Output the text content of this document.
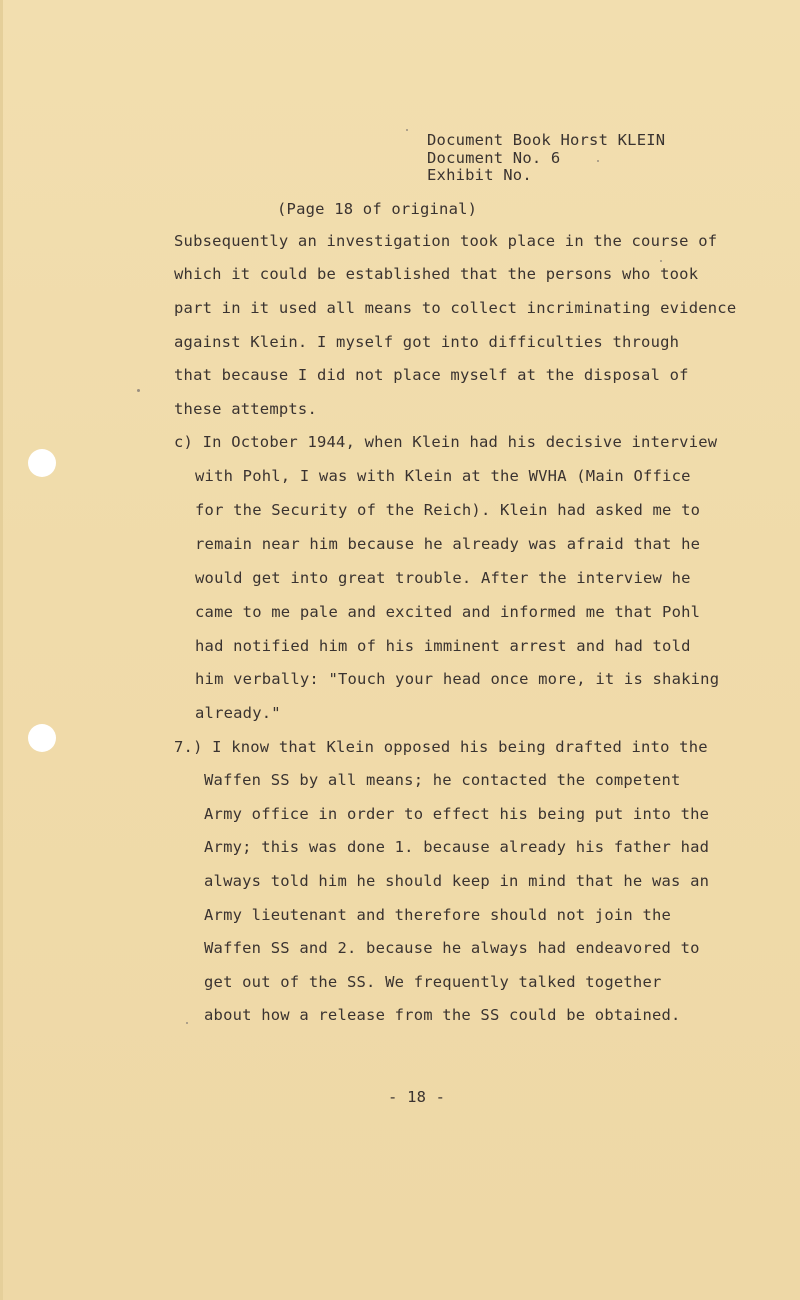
Document Book Horst KLEIN
Document No. 6
Exhibit No.
(Page 18 of original)
Subsequently an investigation took place in the course of
which it could be established that the persons who took
part in it used all means to collect incriminating evidence
against Klein. I myself got into difficulties through
that because I did not place myself at the disposal of
these attempts.
c) In October 1944, when Klein had his decisive interview
with Pohl, I was with Klein at the WVHA (Main Office
for the Security of the Reich). Klein had asked me to
remain near him because he already was afraid that he
would get into great trouble. After the interview he
came to me pale and excited and informed me that Pohl
had notified him of his imminent arrest and had told
him verbally: "Touch your head once more, it is shaking
already."
7.) I know that Klein opposed his being drafted into the
Waffen SS by all means; he contacted the competent
Army office in order to effect his being put into the
Army; this was done 1. because already his father had
always told him he should keep in mind that he was an
Army lieutenant and therefore should not join the
Waffen SS and 2. because he always had endeavored to
get out of the SS. We frequently talked together
about how a release from the SS could be obtained.
- 18 -
